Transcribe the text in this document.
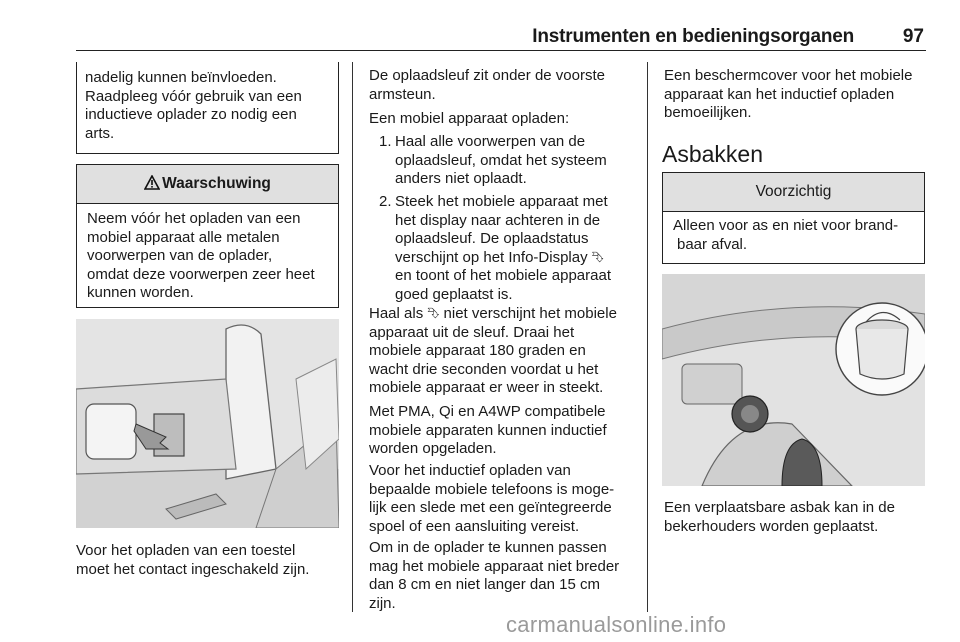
Instrumenten en bedieningsorganen	97
nadelig kunnen beïnvloeden.
Raadpleeg vóór gebruik van een
inductieve oplader zo nodig een
arts.
Waarschuwing
Neem vóór het opladen van een
mobiel apparaat alle metalen
voorwerpen van de oplader,
omdat deze voorwerpen zeer heet
kunnen worden.
Voor het opladen van een toestel
moet het contact ingeschakeld zijn.
De oplaadsleuf zit onder de voorste
armsteun.
Een mobiel apparaat opladen:
1. Haal alle voorwerpen van de
oplaadsleuf, omdat het systeem
anders niet oplaadt.
2. Steek het mobiele apparaat met
het display naar achteren in de
oplaadsleuf. De oplaadstatus
verschijnt op het Info-Display ⮷
en toont of het mobiele apparaat
goed geplaatst is.
Haal als ⮷ niet verschijnt het mobiele
apparaat uit de sleuf. Draai het
mobiele apparaat 180 graden en
wacht drie seconden voordat u het
mobiele apparaat er weer in steekt.
Met PMA, Qi en A4WP compatibele
mobiele apparaten kunnen inductief
worden opgeladen.
Voor het inductief opladen van
bepaalde mobiele telefoons is moge-
lijk een slede met een geïntegreerde
spoel of een aansluiting vereist.
Om in de oplader te kunnen passen
mag het mobiele apparaat niet breder
dan 8 cm en niet langer dan 15 cm
zijn.
Een beschermcover voor het mobiele
apparaat kan het inductief opladen
bemoeilijken.
Asbakken
Voorzichtig
Alleen voor as en niet voor brand-
baar afval.
Een verplaatsbare asbak kan in de
bekerhouders worden geplaatst.
carmanualsonline.info
